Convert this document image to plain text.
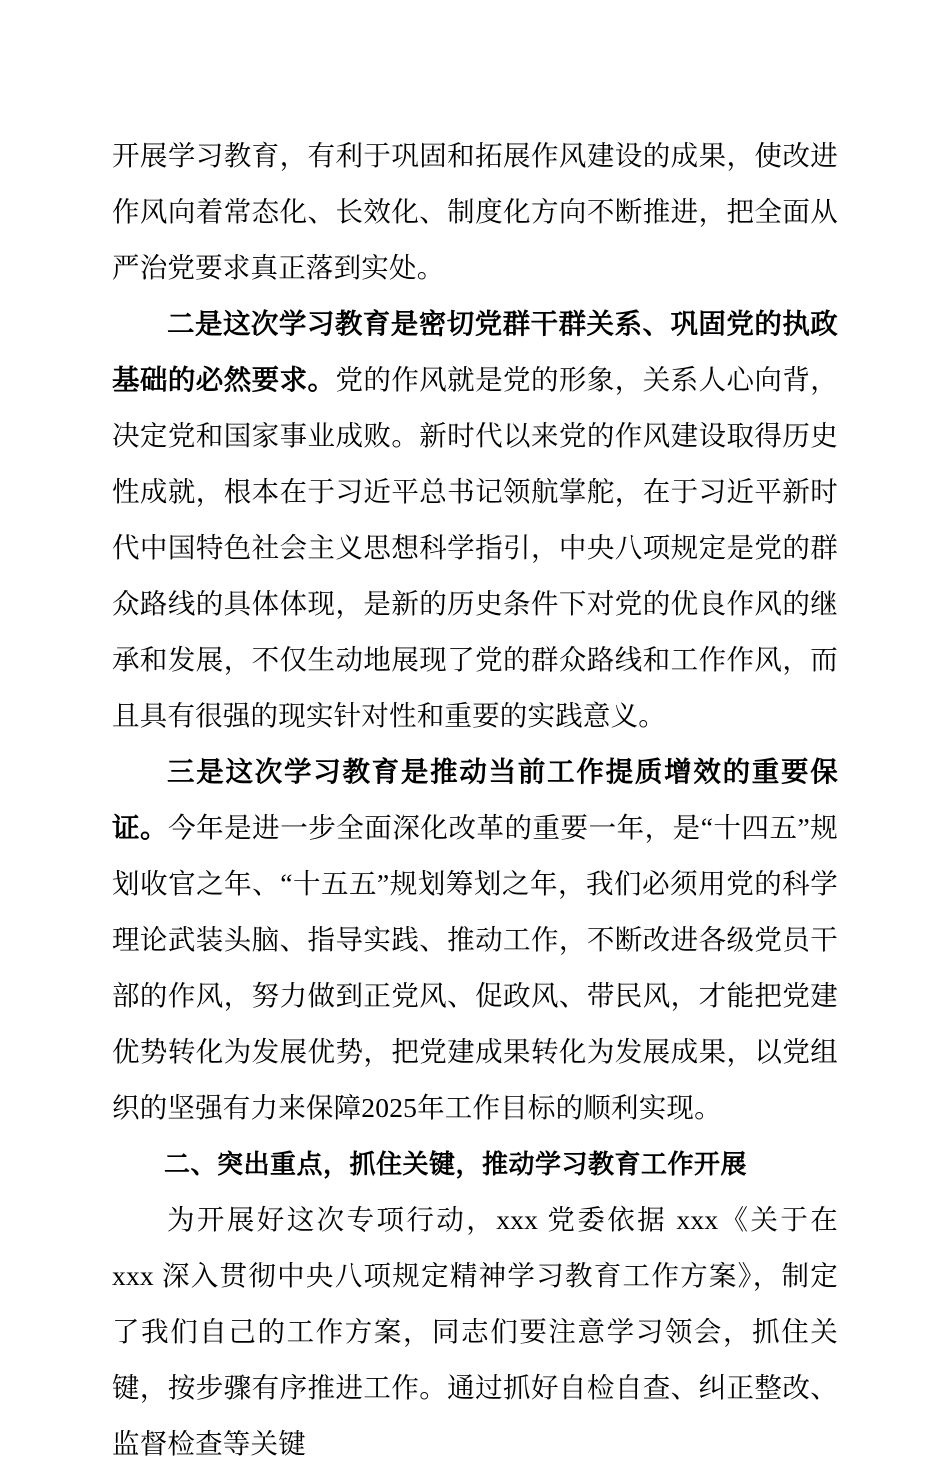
开展学习教育，有利于巩固和拓展作风建设的成果，使改进作风向着常态化、长效化、制度化方向不断推进，把全面从严治党要求真正落到实处。

二是这次学习教育是密切党群干群关系、巩固党的执政基础的必然要求。党的作风就是党的形象，关系人心向背，决定党和国家事业成败。新时代以来党的作风建设取得历史性成就，根本在于习近平总书记领航掌舵，在于习近平新时代中国特色社会主义思想科学指引，中央八项规定是党的群众路线的具体体现，是新的历史条件下对党的优良作风的继承和发展，不仅生动地展现了党的群众路线和工作作风，而且具有很强的现实针对性和重要的实践意义。

三是这次学习教育是推动当前工作提质增效的重要保证。今年是进一步全面深化改革的重要一年，是“十四五”规划收官之年、“十五五”规划筹划之年，我们必须用党的科学理论武装头脑、指导实践、推动工作，不断改进各级党员干部的作风，努力做到正党风、促政风、带民风，才能把党建优势转化为发展优势，把党建成果转化为发展成果，以党组织的坚强有力来保障2025年工作目标的顺利实现。

二、突出重点，抓住关键，推动学习教育工作开展

为开展好这次专项行动，xxx 党委依据 xxx《关于在 xxx 深入贯彻中央八项规定精神学习教育工作方案》，制定了我们自己的工作方案，同志们要注意学习领会，抓住关键，按步骤有序推进工作。通过抓好自检自查、纠正整改、监督检查等关键
